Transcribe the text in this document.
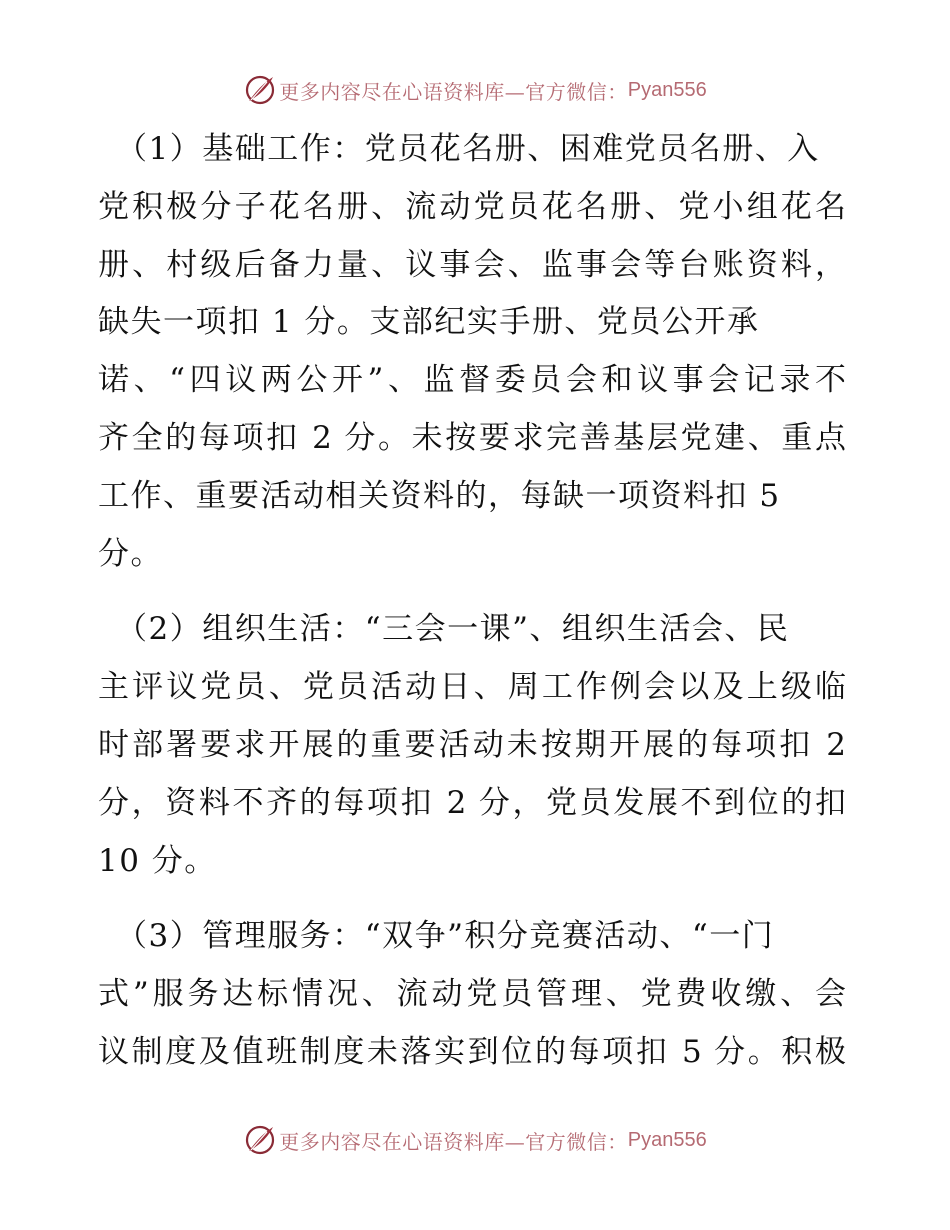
更多内容尽在心语资料库—官方微信： Pyan556
（1）基础工作：党员花名册、困难党员名册、入
党积极分子花名册、流动党员花名册、党小组花名
册、村级后备力量、议事会、监事会等台账资料，
缺失一项扣 1 分。支部纪实手册、党员公开承
诺、“四议两公开”、监督委员会和议事会记录不
齐全的每项扣 2 分。未按要求完善基层党建、重点
工作、重要活动相关资料的，每缺一项资料扣 5
分。
（2）组织生活：“三会一课”、组织生活会、民
主评议党员、党员活动日、周工作例会以及上级临
时部署要求开展的重要活动未按期开展的每项扣 2
分，资料不齐的每项扣 2 分，党员发展不到位的扣
10 分。
（3）管理服务：“双争”积分竞赛活动、“一门
式”服务达标情况、流动党员管理、党费收缴、会
议制度及值班制度未落实到位的每项扣 5 分。积极
更多内容尽在心语资料库—官方微信： Pyan556
